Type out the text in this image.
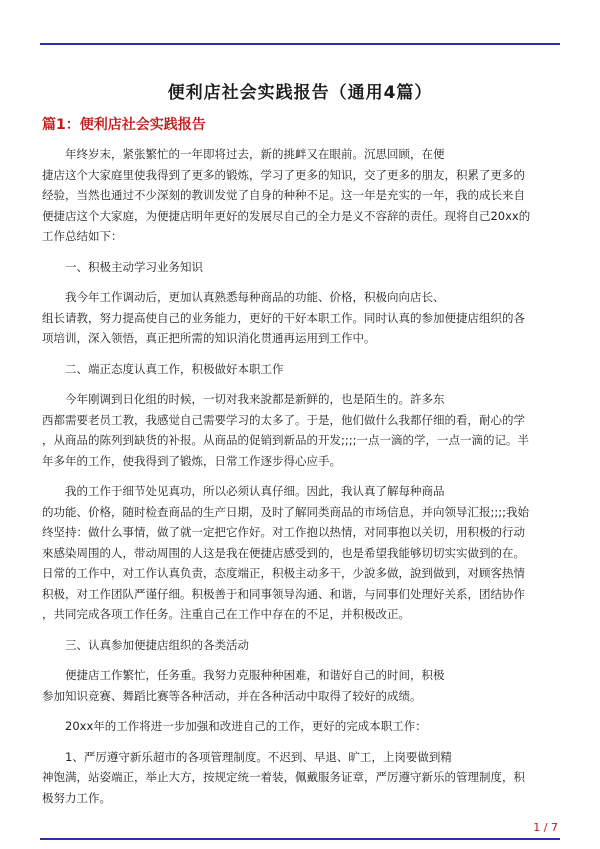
便利店社会实践报告（通用4篇）
篇1：便利店社会实践报告

年终岁末，紧张繁忙的一年即将过去，新的挑衅又在眼前。沉思回顾，在便
捷店这个大家庭里使我得到了更多的锻炼，学习了更多的知识，交了更多的朋友，积累了更多的
经验，当然也通过不少深刻的教训发觉了自身的种种不足。这一年是充实的一年，我的成长来自
便捷店这个大家庭，为便捷店明年更好的发展尽自己的全力是义不容辞的责任。现将自己20xx的
工作总结如下：

一、积极主动学习业务知识

我今年工作调动后，更加认真熟悉每种商品的功能、价格，积极向向店长、
组长请教，努力提高使自己的业务能力，更好的干好本职工作。同时认真的参加便捷店组织的各
项培训，深入领悟，真正把所需的知识消化贯通再运用到工作中。

二、端正态度认真工作，积极做好本职工作

今年刚调到日化组的时候，一切对我来說都是新鲜的，也是陌生的。許多东
西都需要老员工教，我感觉自己需要学习的太多了。于是，他们做什么我都仔细的看，耐心的学
，从商品的陈列到缺货的补报。从商品的促销到新品的开发;;;;一点一滴的学，一点一滴的记。半
年多年的工作，使我得到了锻炼，日常工作逐步得心应手。

我的工作于细节处见真功，所以必须认真仔细。因此，我认真了解每种商品
的功能、价格，随时检查商品的生产日期，及时了解同类商品的市场信息，并向领导汇报;;;;我始
终坚持：做什么事情，做了就一定把它作好。对工作抱以热情，对同事抱以关切，用积极的行动
來感染周围的人，带动周围的人这是我在便捷店感受到的，也是希望我能够切切实实做到的在。
日常的工作中，对工作认真负责，态度端正，积极主动多干，少說多做，說到做到，对顾客热情
积极，对工作团队严谨仔细。积极善于和同事领导沟通、和谐，与同事们处理好关系，团结协作
，共同完成各项工作任务。注重自己在工作中存在的不足，并积极改正。

三、认真参加便捷店组织的各类活动

便捷店工作繁忙，任务重。我努力克服种种困难，和谐好自己的时间，积极
参加知识竞赛、舞蹈比赛等各种活动，并在各种活动中取得了较好的成绩。

20xx年的工作将进一步加强和改进自己的工作，更好的完成本职工作：

1、严厉遵守新乐超市的各项管理制度。不迟到、早退、旷工，上岗要做到精
神饱满，站姿端正，举止大方，按规定统一着装，佩戴服务证章，严厉遵守新乐的管理制度，积
极努力工作。

1 / 7
